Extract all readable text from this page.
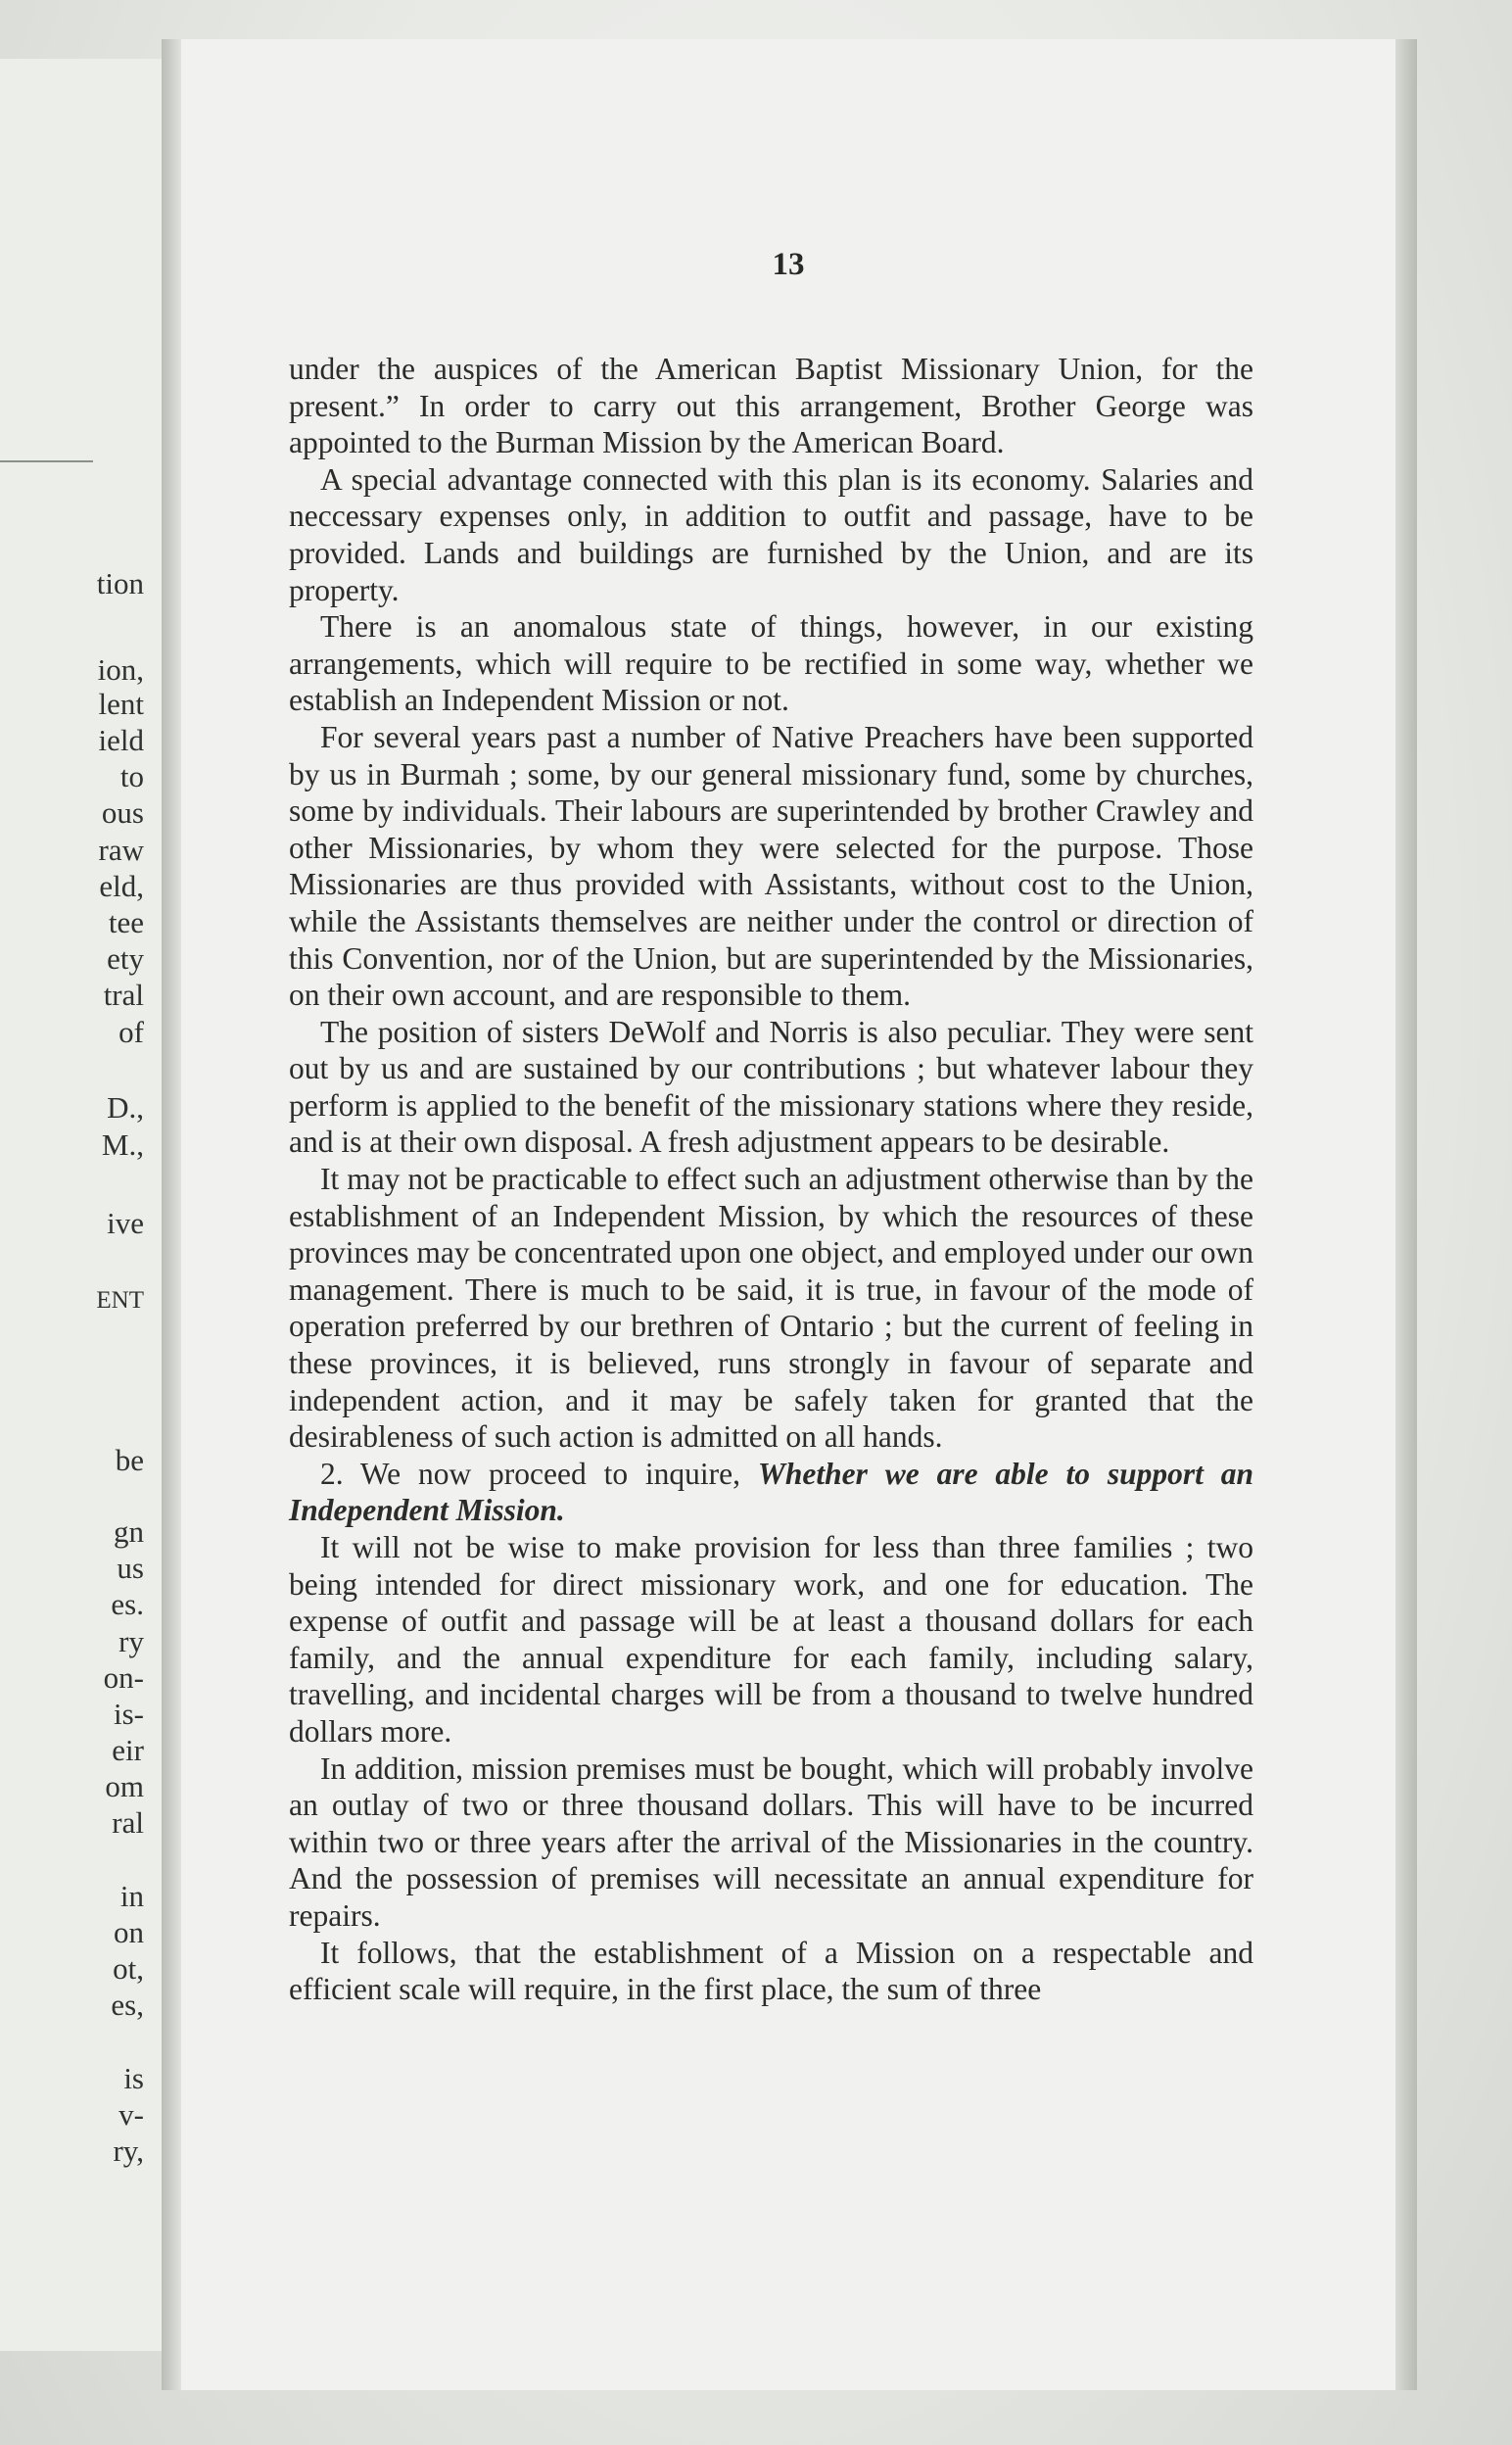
tion
ion,
lent
ield
to
ous
raw
eld,
tee
ety
tral
of
D.,
M.,
ive
ENT
be
gn
us
es.
ry
on-
is-
eir
om
ral
in
on
ot,
es,
is
v-
ry,
13

under the auspices of the American Baptist Missionary Union, for the present.” In order to carry out this arrangement, Brother George was appointed to the Burman Mission by the American Board.

A special advantage connected with this plan is its economy. Salaries and neccessary expenses only, in addition to outfit and passage, have to be provided. Lands and buildings are furnished by the Union, and are its property.

There is an anomalous state of things, however, in our existing arrangements, which will require to be rectified in some way, whether we establish an Independent Mission or not.

For several years past a number of Native Preachers have been supported by us in Burmah ; some, by our general missionary fund, some by churches, some by individuals. Their labours are superintended by brother Crawley and other Missionaries, by whom they were selected for the purpose. Those Missionaries are thus provided with Assistants, without cost to the Union, while the Assistants themselves are neither under the control or direction of this Convention, nor of the Union, but are superintended by the Missionaries, on their own account, and are responsible to them.

The position of sisters DeWolf and Norris is also peculiar. They were sent out by us and are sustained by our contributions ; but whatever labour they perform is applied to the benefit of the missionary stations where they reside, and is at their own disposal. A fresh adjustment appears to be desirable.

It may not be practicable to effect such an adjustment otherwise than by the establishment of an Independent Mission, by which the resources of these provinces may be concentrated upon one object, and employed under our own management. There is much to be said, it is true, in favour of the mode of operation preferred by our brethren of Ontario ; but the current of feeling in these provinces, it is believed, runs strongly in favour of separate and independent action, and it may be safely taken for granted that the desirableness of such action is admitted on all hands.

2. We now proceed to inquire, Whether we are able to support an Independent Mission.

It will not be wise to make provision for less than three families ; two being intended for direct missionary work, and one for education. The expense of outfit and passage will be at least a thousand dollars for each family, and the annual expenditure for each family, including salary, travelling, and incidental charges will be from a thousand to twelve hundred dollars more.

In addition, mission premises must be bought, which will probably involve an outlay of two or three thousand dollars. This will have to be incurred within two or three years after the arrival of the Missionaries in the country. And the possession of premises will necessitate an annual expenditure for repairs.

It follows, that the establishment of a Mission on a respectable and efficient scale will require, in the first place, the sum of three
